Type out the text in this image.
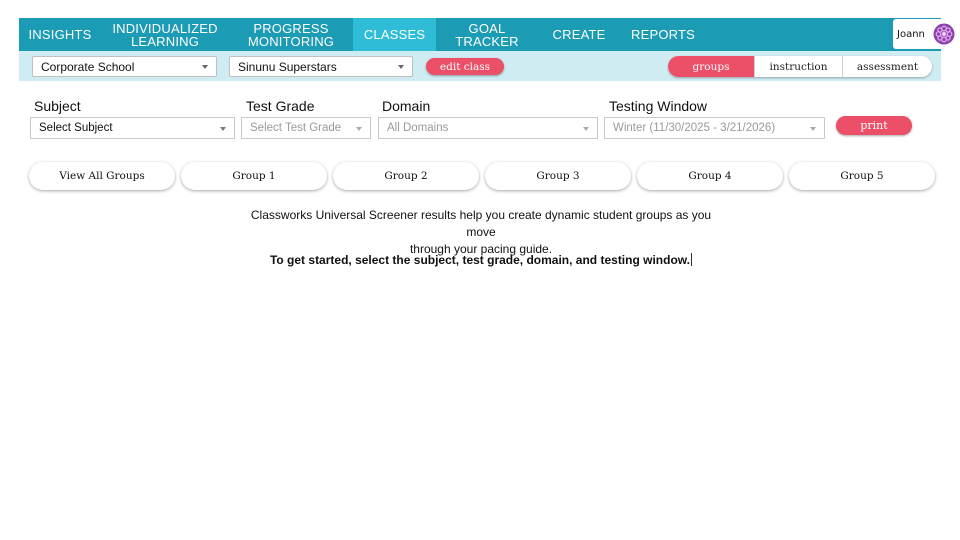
INSIGHTS INDIVIDUALIZED
LEARNING
PROGRESS
MONITORING CLASSES	GOAL TRACKER	CREATE REPORTS	Joann
Corporate School	Sinunu Superstars	edit class	groups	instruction	assessment
Subject	Test Grade	Domain	Testing Window
Select Subject	Select Test Grade	All Domains	Winter (11/30/2025 - 3/21/2026)	print
View All Groups	Group 1	Group 2	Group 3	Group 4	Group 5
Classworks Universal Screener results help you create dynamic student groups as you move
through your pacing guide.
To get started, select the subject, test grade, domain, and testing window.
